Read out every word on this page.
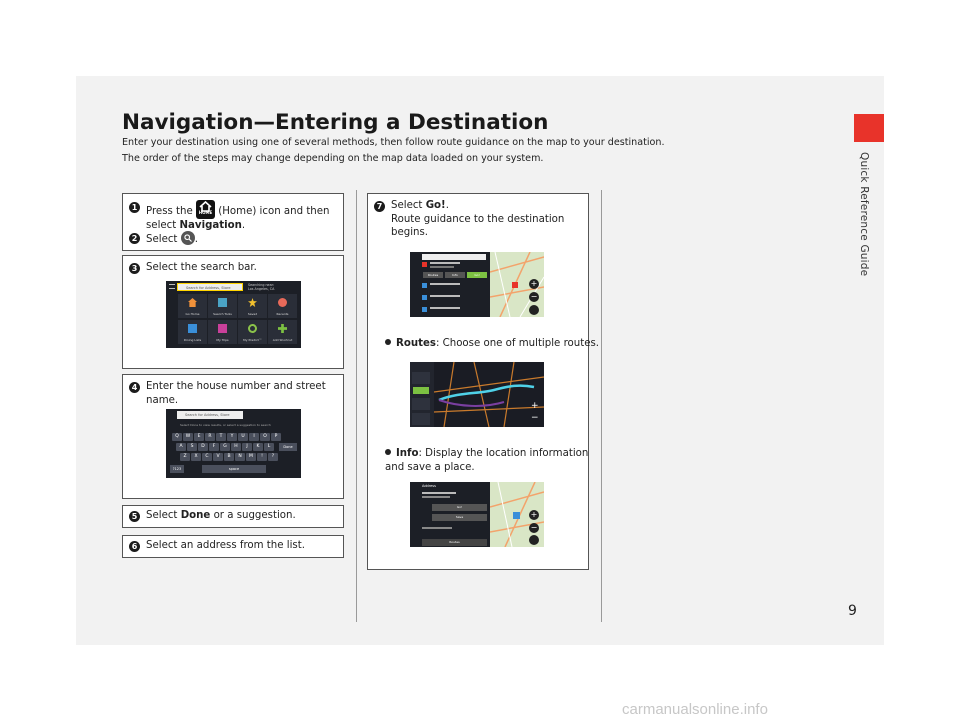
Quick Reference Guide
9
carmanualsonline.info
Navigation—Entering a Destination
Enter your destination using one of several methods, then follow route guidance on the map to your destination.
The order of the steps may change depending on the map data loaded on your system.
1 Press the	HOME (Home) icon and then
select Navigation.
2 Select .
3 Select the search bar.
Search for Address, Store
Searching near:
Los Angeles, CA
Go Home	Search Tools	Saved	Recents
Dining Lists	My Trips	My Predict™	Add Shortcut
4 Enter the house number and street
name.
Search for Address, Store
Select Done to view results, or select a suggestion to search
Q	W	E	R	T	Y	U	I	O	P
A	S	D	F	G	H	J	K	L
Z	X	C	V	B	N	M	!	?
Done
?123	space
5 Select Done or a suggestion.
6 Select an address from the list.
7 Select Go!.
Route guidance to the destination
begins.
Routes	Info	Go!
+
−
Routes: Choose one of multiple routes.
+
−
Info: Display the location information
and save a place.
Address
Go!
Save
Routes
+
−
